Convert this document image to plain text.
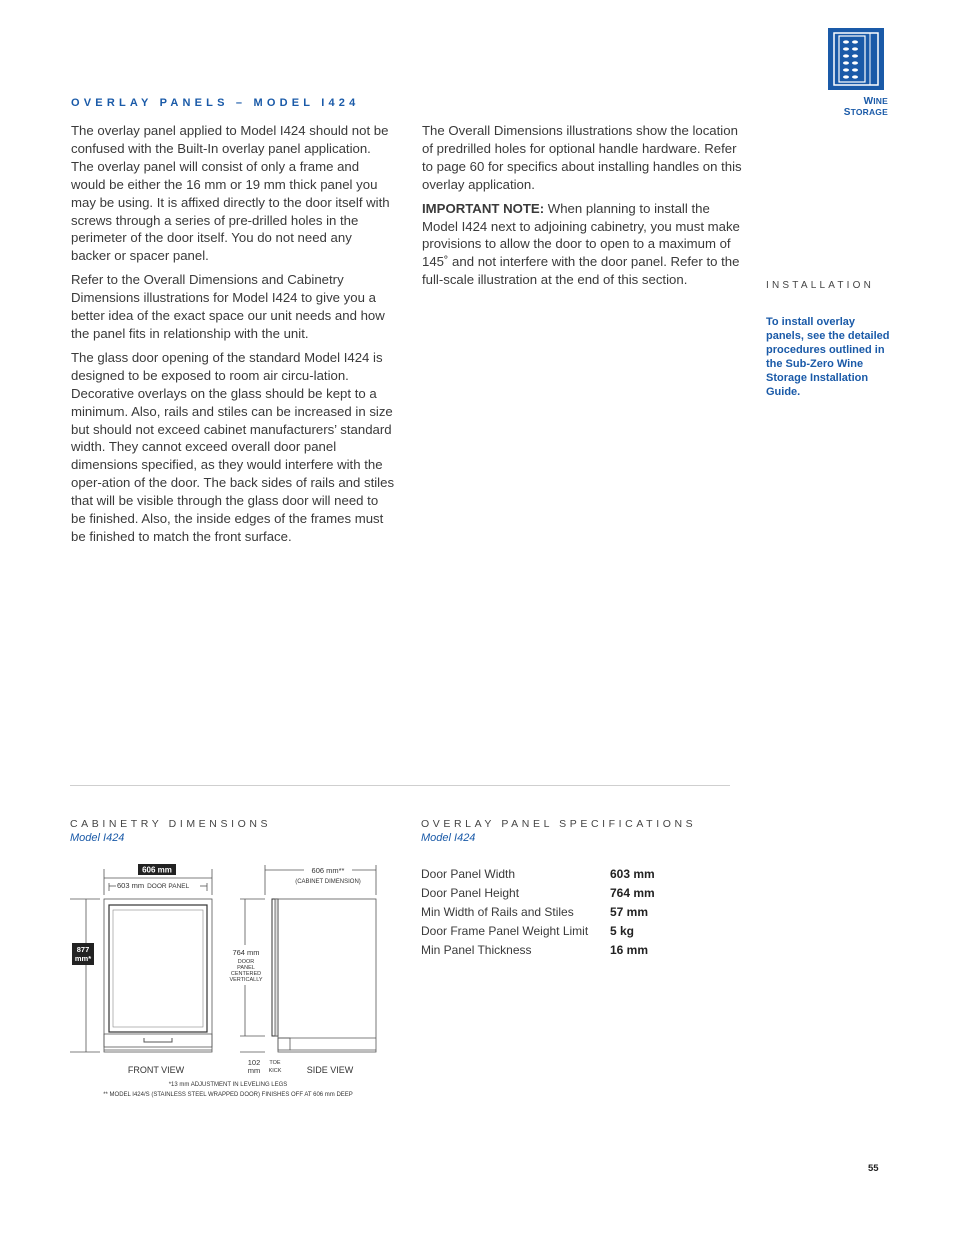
WINE STORAGE
OVERLAY PANELS – MODEL I424

The overlay panel applied to Model I424 should not be confused with the Built-In overlay panel application. The overlay panel will consist of only a frame and would be either the 16 mm or 19 mm thick panel you may be using. It is affixed directly to the door itself with screws through a series of pre-drilled holes in the perimeter of the door itself. You do not need any backer or spacer panel.

Refer to the Overall Dimensions and Cabinetry Dimensions illustrations for Model I424 to give you a better idea of the exact space our unit needs and how the panel fits in relationship with the unit.

The glass door opening of the standard Model I424 is designed to be exposed to room air circu-lation. Decorative overlays on the glass should be kept to a minimum. Also, rails and stiles can be increased in size but should not exceed cabinet manufacturers’ standard width. They cannot exceed overall door panel dimensions specified, as they would interfere with the oper-ation of the door. The back sides of rails and stiles that will be visible through the glass door will need to be finished. Also, the inside edges of the frames must be finished to match the front surface.

The Overall Dimensions illustrations show the location of predrilled holes for optional handle hardware. Refer to page 60 for specifics about installing handles on this overlay application.

IMPORTANT NOTE: When planning to install the Model I424 next to adjoining cabinetry, you must make provisions to allow the door to open to a maximum of 145˚ and not interfere with the door panel. Refer to the full-scale illustration at the end of this section.	INSTALLATION
To install overlay panels, see the detailed procedures outlined in the Sub-Zero Wine Storage Installation Guide.
CABINETRY DIMENSIONS
Model I424
606 mm
603 mm DOOR PANEL
877
mm*
606 mm**
(CABINET DIMENSION)
764 mm
DOOR
PANEL
CENTERED
VERTICALLY
102
mm
TOE
KICK
FRONT VIEW	SIDE VIEW
*13 mm ADJUSTMENT IN LEVELING LEGS
** MODEL I424/S (STAINLESS STEEL WRAPPED DOOR) FINISHES OFF AT 606 mm DEEP
OVERLAY PANEL SPECIFICATIONS
Model I424
Door Panel Width	603 mm
Door Panel Height	764 mm
Min Width of Rails and Stiles	57 mm
Door Frame Panel Weight Limit	5 kg
Min Panel Thickness	16 mm
55
